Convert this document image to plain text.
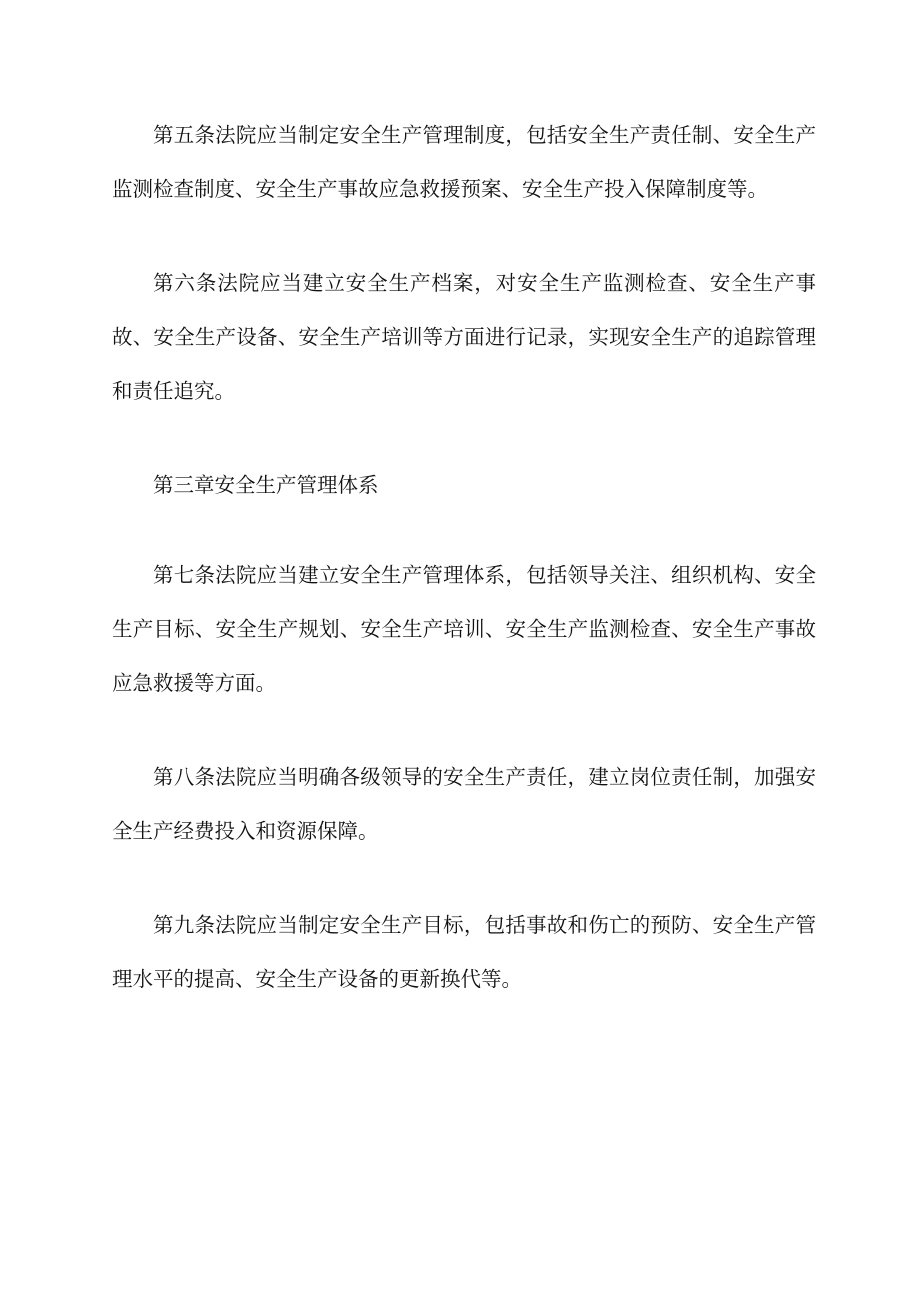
第五条法院应当制定安全生产管理制度，包括安全生产责任制、安全生产监测检查制度、安全生产事故应急救援预案、安全生产投入保障制度等。

第六条法院应当建立安全生产档案，对安全生产监测检查、安全生产事故、安全生产设备、安全生产培训等方面进行记录，实现安全生产的追踪管理和责任追究。

第三章安全生产管理体系

第七条法院应当建立安全生产管理体系，包括领导关注、组织机构、安全生产目标、安全生产规划、安全生产培训、安全生产监测检查、安全生产事故应急救援等方面。

第八条法院应当明确各级领导的安全生产责任，建立岗位责任制，加强安全生产经费投入和资源保障。

第九条法院应当制定安全生产目标，包括事故和伤亡的预防、安全生产管理水平的提高、安全生产设备的更新换代等。
